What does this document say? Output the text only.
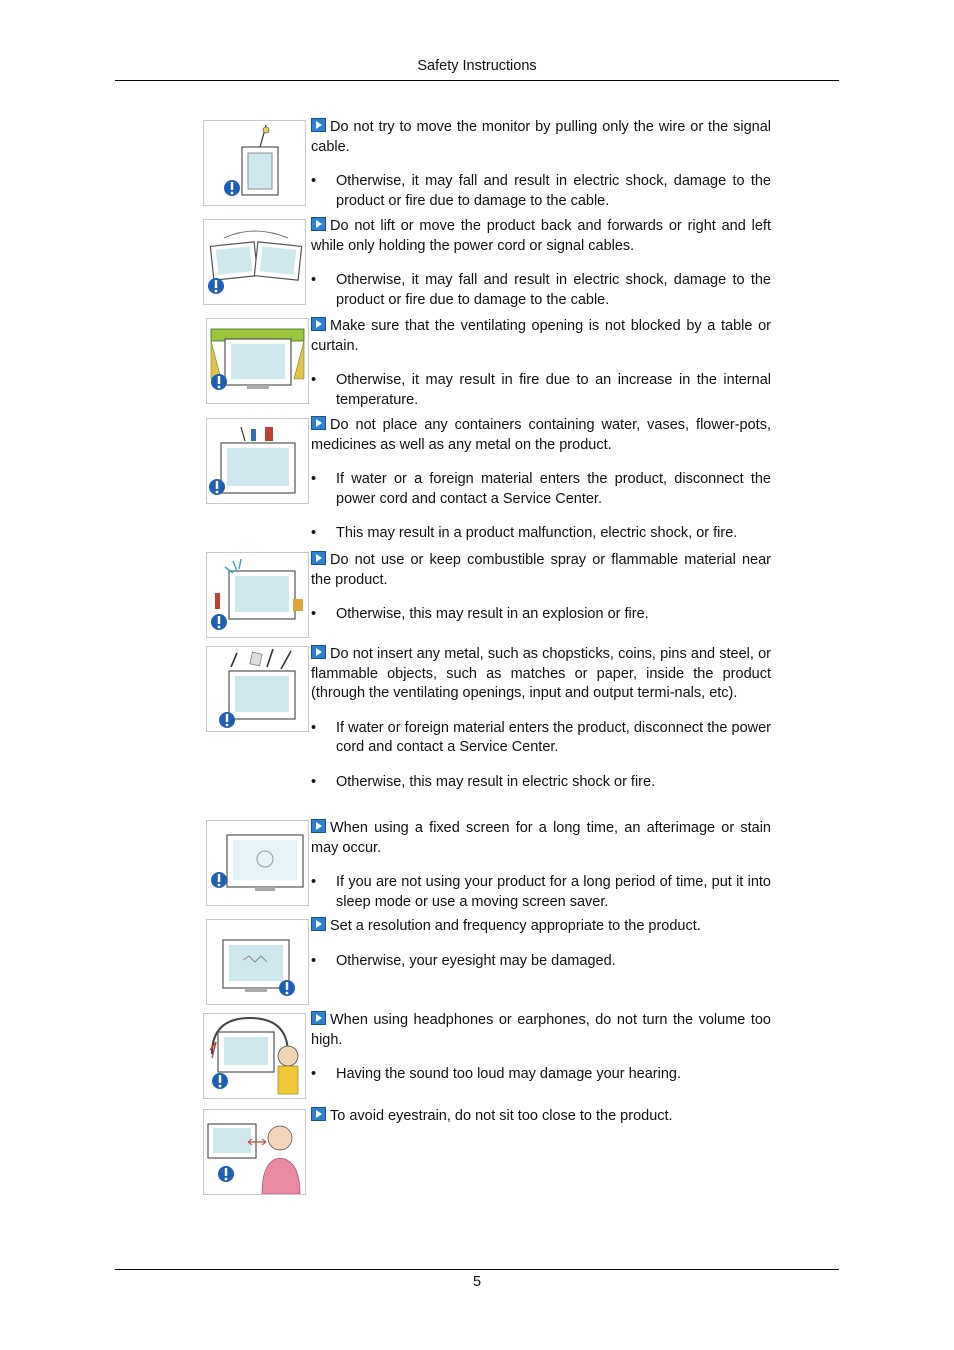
Safety Instructions

Do not try to move the monitor by pulling only the wire or the signal cable.

• Otherwise, it may fall and result in electric shock, damage to the product or fire due to damage to the cable.

Do not lift or move the product back and forwards or right and left while only holding the power cord or signal cables.

• Otherwise, it may fall and result in electric shock, damage to the product or fire due to damage to the cable.

Make sure that the ventilating opening is not blocked by a table or curtain.

• Otherwise, it may result in fire due to an increase in the internal temperature.

Do not place any containers containing water, vases, flower-pots, medicines as well as any metal on the product.

• If water or a foreign material enters the product, disconnect the power cord and contact a Service Center.
• This may result in a product malfunction, electric shock, or fire.

Do not use or keep combustible spray or flammable material near the product.

• Otherwise, this may result in an explosion or fire.

Do not insert any metal, such as chopsticks, coins, pins and steel, or flammable objects, such as matches or paper, inside the product (through the ventilating openings, input and output termi-nals, etc).

• If water or foreign material enters the product, disconnect the power cord and contact a Service Center.
• Otherwise, this may result in electric shock or fire.

When using a fixed screen for a long time, an afterimage or stain may occur.

• If you are not using your product for a long period of time, put it into sleep mode or use a moving screen saver.

Set a resolution and frequency appropriate to the product.

• Otherwise, your eyesight may be damaged.

When using headphones or earphones, do not turn the volume too high.

• Having the sound too loud may damage your hearing.

To avoid eyestrain, do not sit too close to the product.

5
